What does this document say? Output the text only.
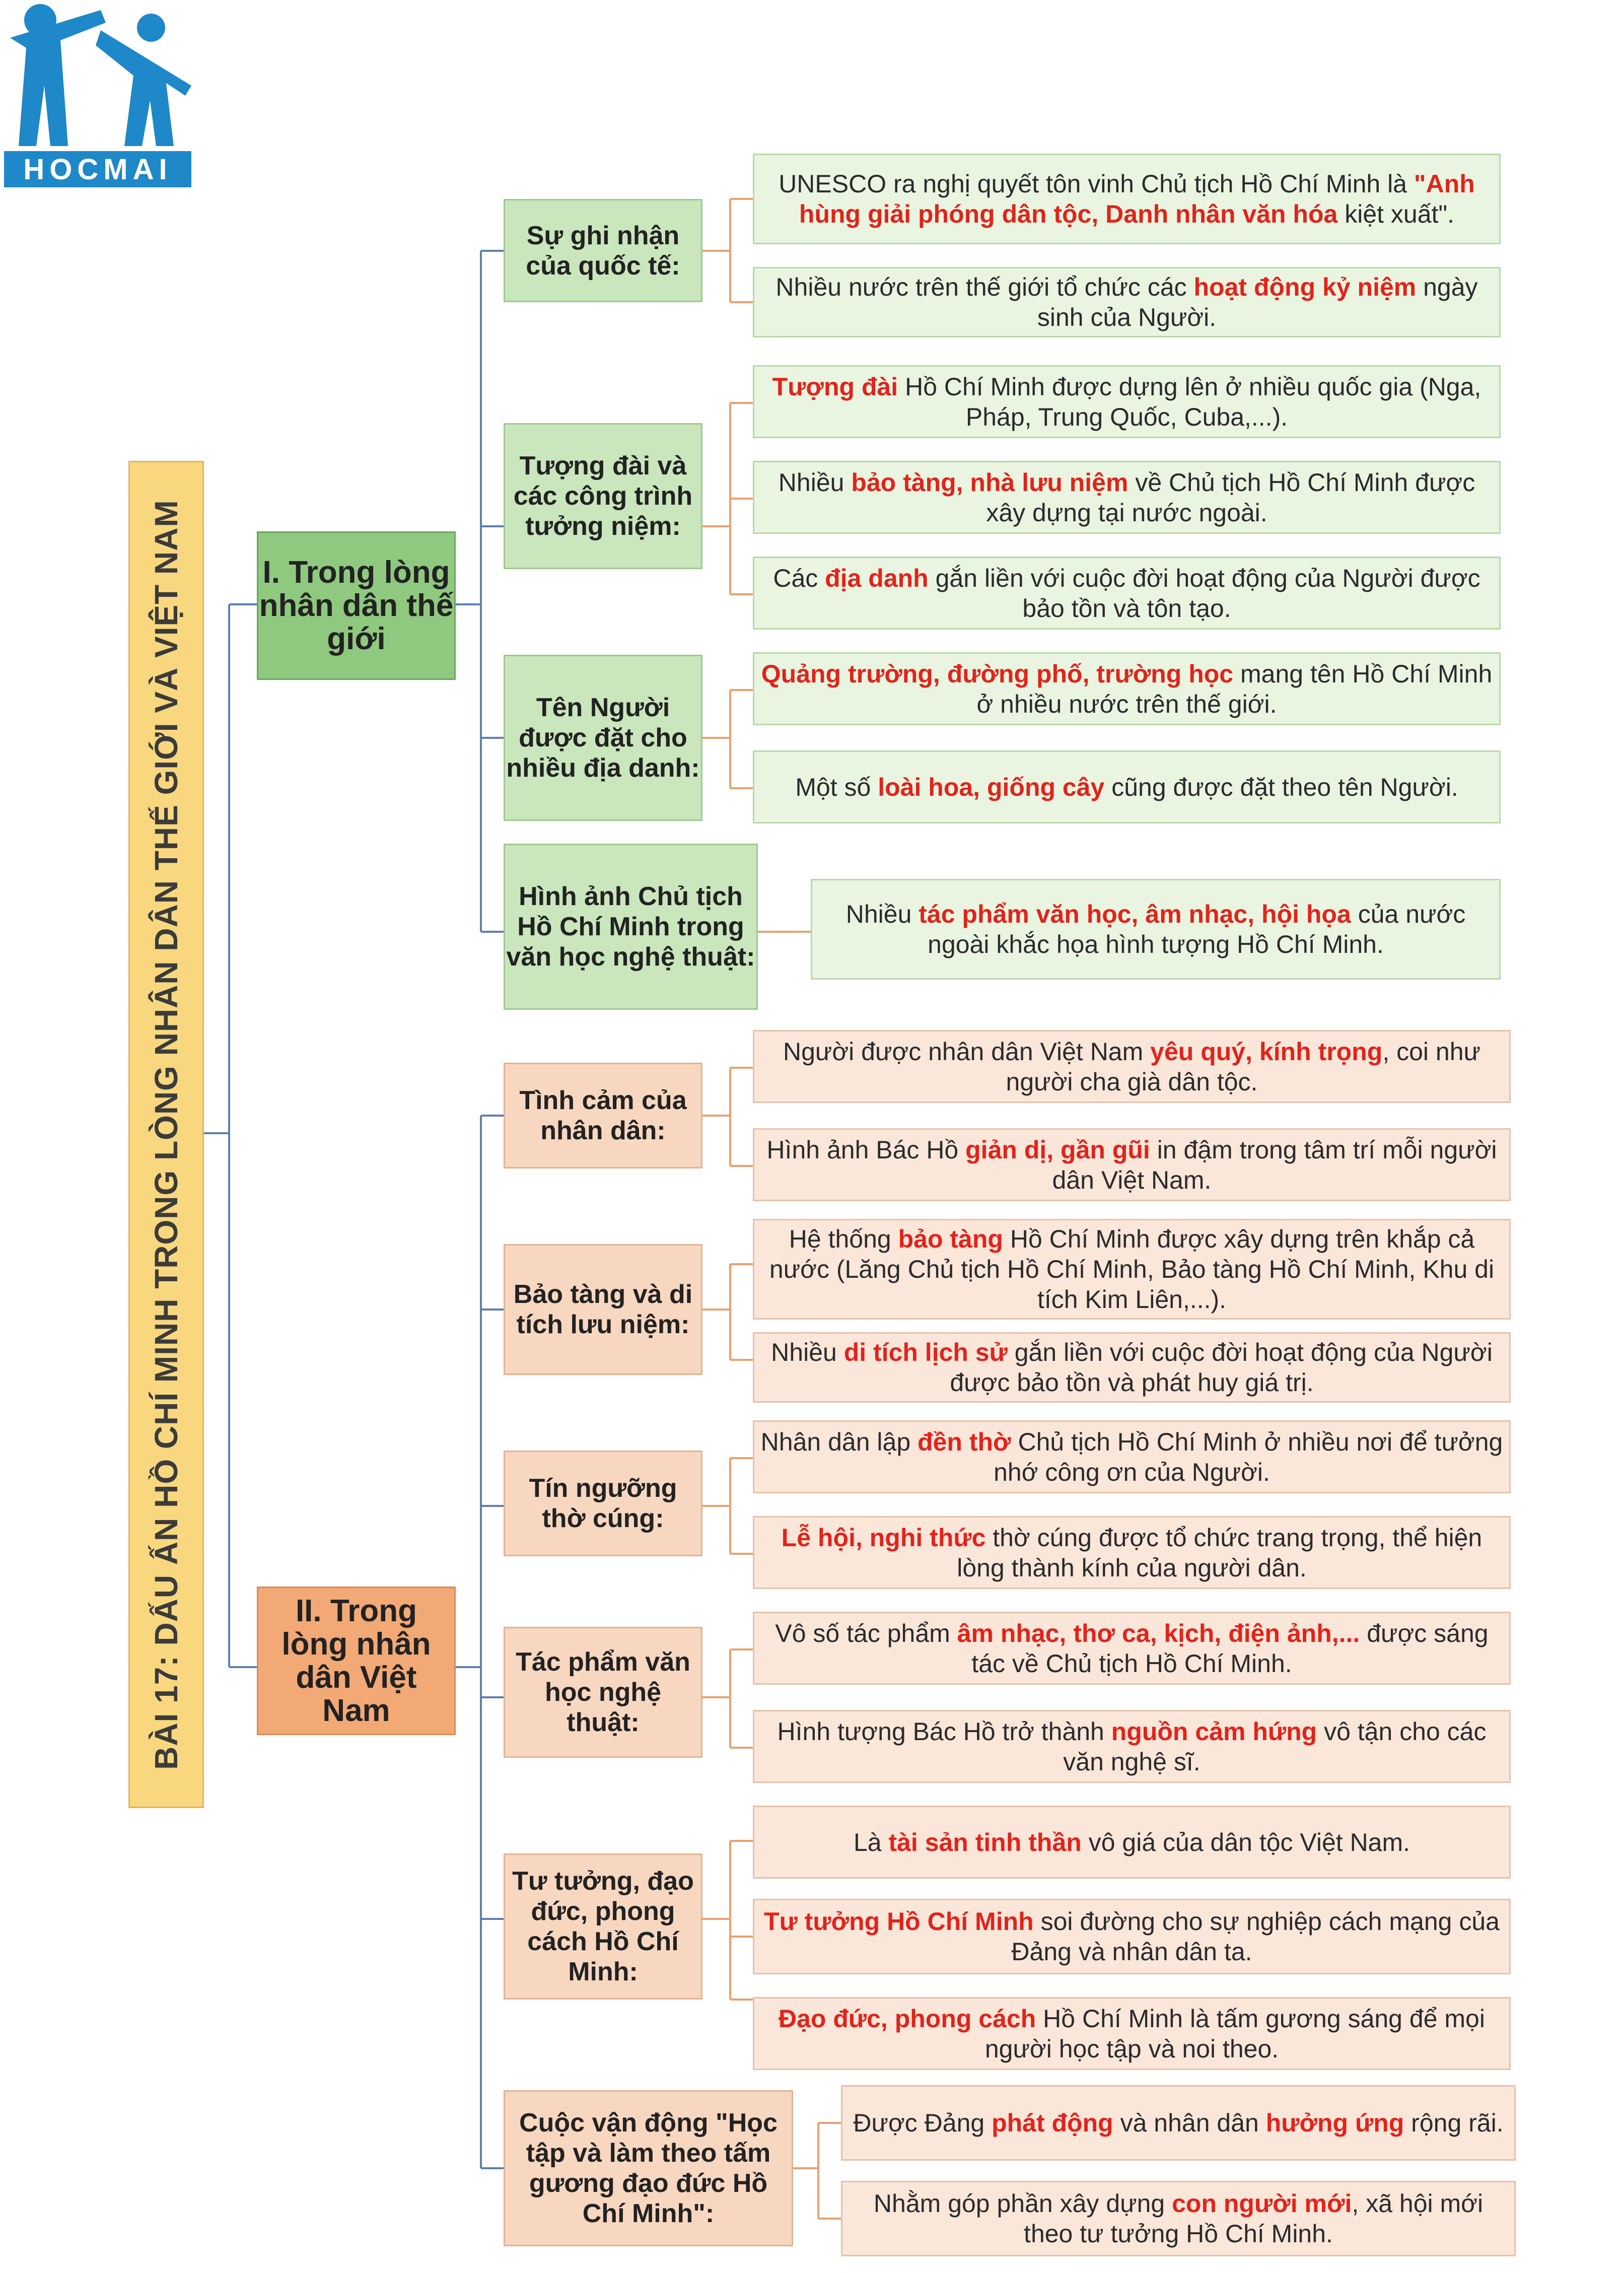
HOCMAI
BÀI 17: DẤU ẤN HỒ CHÍ MINH TRONG LÒNG NHÂN DÂN THẾ GIỚI VÀ VIỆT NAM	I. Trong lòng nhân dân thế giới
II. Trong lòng nhân dân Việt Nam
Sự ghi nhận của quốc tế:
Tượng đài và các công trình tưởng niệm:
Tên Người được đặt cho nhiều địa danh:
Hình ảnh Chủ tịch Hồ Chí Minh trong văn học nghệ thuật:
UNESCO ra nghị quyết tôn vinh Chủ tịch Hồ Chí Minh là "Anh hùng giải phóng dân tộc, Danh nhân văn hóa kiệt xuất".
Nhiều nước trên thế giới tổ chức các hoạt động kỷ niệm ngày sinh của Người.
Tượng đài Hồ Chí Minh được dựng lên ở nhiều quốc gia (Nga, Pháp, Trung Quốc, Cuba,...).
Nhiều bảo tàng, nhà lưu niệm về Chủ tịch Hồ Chí Minh được xây dựng tại nước ngoài.
Các địa danh gắn liền với cuộc đời hoạt động của Người được bảo tồn và tôn tạo.
Quảng trường, đường phố, trường học mang tên Hồ Chí Minh ở nhiều nước trên thế giới.
Một số loài hoa, giống cây cũng được đặt theo tên Người.
Nhiều tác phẩm văn học, âm nhạc, hội họa của nước ngoài khắc họa hình tượng Hồ Chí Minh.
Tình cảm của nhân dân:
Bảo tàng và di tích lưu niệm:
Tín ngưỡng thờ cúng:
Tác phẩm văn học nghệ thuật:
Tư tưởng, đạo đức, phong cách Hồ Chí Minh:
Cuộc vận động "Học tập và làm theo tấm gương đạo đức Hồ Chí Minh":
Người được nhân dân Việt Nam yêu quý, kính trọng, coi như người cha già dân tộc.
Hình ảnh Bác Hồ giản dị, gần gũi in đậm trong tâm trí mỗi người dân Việt Nam.
Hệ thống bảo tàng Hồ Chí Minh được xây dựng trên khắp cả nước (Lăng Chủ tịch Hồ Chí Minh, Bảo tàng Hồ Chí Minh, Khu di tích Kim Liên,...).
Nhiều di tích lịch sử gắn liền với cuộc đời hoạt động của Người được bảo tồn và phát huy giá trị.
Nhân dân lập đền thờ Chủ tịch Hồ Chí Minh ở nhiều nơi để tưởng nhớ công ơn của Người.
Lễ hội, nghi thức thờ cúng được tổ chức trang trọng, thể hiện lòng thành kính của người dân.
Vô số tác phẩm âm nhạc, thơ ca, kịch, điện ảnh,... được sáng tác về Chủ tịch Hồ Chí Minh.
Hình tượng Bác Hồ trở thành nguồn cảm hứng vô tận cho các văn nghệ sĩ.
Là tài sản tinh thần vô giá của dân tộc Việt Nam.
Tư tưởng Hồ Chí Minh soi đường cho sự nghiệp cách mạng của Đảng và nhân dân ta.
Đạo đức, phong cách Hồ Chí Minh là tấm gương sáng để mọi người học tập và noi theo.
Được Đảng phát động và nhân dân hưởng ứng rộng rãi.
Nhằm góp phần xây dựng con người mới, xã hội mới theo tư tưởng Hồ Chí Minh.
